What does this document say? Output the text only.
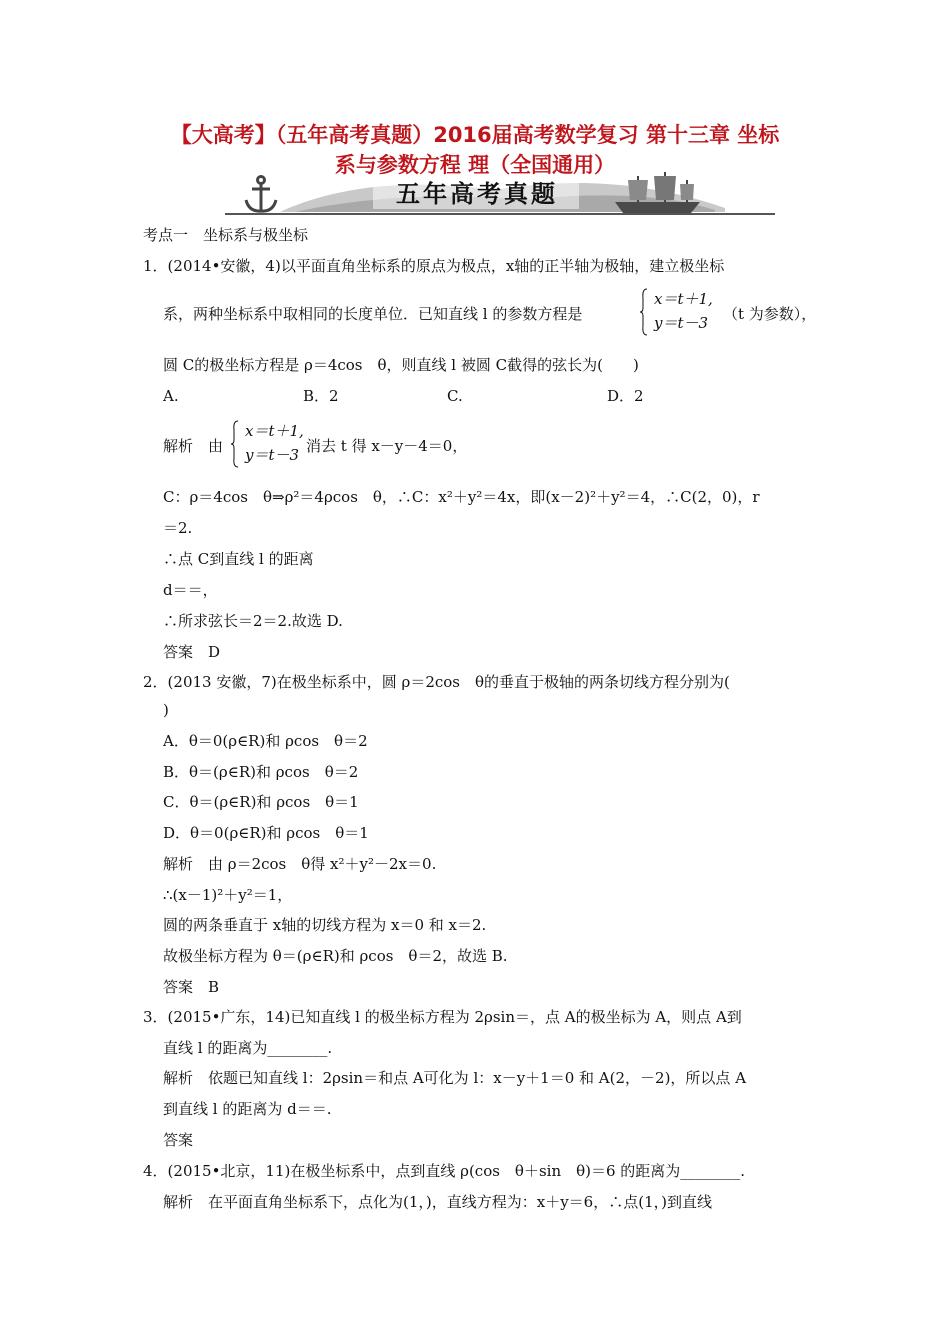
【大高考】（五年高考真题）2016届高考数学复习 第十三章 坐标
系与参数方程 理（全国通用）
五年高考真题
考点一　坐标系与极坐标
1．(2014•安徽，4)以平面直角坐标系的原点为极点，x轴的正半轴为极轴，建立极坐标
系，两种坐标系中取相同的长度单位．已知直线 l 的参数方程是
x＝t＋1,
y＝t－3 （t 为参数），
圆 C的极坐标方程是 ρ＝4cos　θ，则直线 l 被圆 C截得的弦长为(　　)
A.	B．2	C.	D．2
解析　由
x＝t＋1,
y＝t－3 消去 t 得 x－y－4＝0，
C：ρ＝4cos　θ⇒ρ²＝4ρcos　θ，∴C：x²＋y²＝4x，即(x－2)²＋y²＝4，∴C(2，0)，r
＝2.
∴点 C到直线 l 的距离
d＝＝，
∴所求弦长＝2＝2.故选 D.
答案　D
2．(2013 安徽，7)在极坐标系中，圆 ρ＝2cos　θ的垂直于极轴的两条切线方程分别为(
)
A．θ＝0(ρ∈R)和 ρcos　θ＝2
B．θ＝(ρ∈R)和 ρcos　θ＝2
C．θ＝(ρ∈R)和 ρcos　θ＝1
D．θ＝0(ρ∈R)和 ρcos　θ＝1
解析　由 ρ＝2cos　θ得 x²＋y²－2x＝0.
∴(x－1)²＋y²＝1，
圆的两条垂直于 x轴的切线方程为 x＝0 和 x＝2.
故极坐标方程为 θ＝(ρ∈R)和 ρcos　θ＝2，故选 B.
答案　B
3．(2015•广东，14)已知直线 l 的极坐标方程为 2ρsin＝，点 A的极坐标为 A，则点 A到
直线 l 的距离为________.
解析　依题已知直线 l：2ρsin＝和点 A可化为 l：x－y＋1＝0 和 A(2，－2)，所以点 A
到直线 l 的距离为 d＝＝.
答案
4．(2015•北京，11)在极坐标系中，点到直线 ρ(cos　θ＋sin　θ)＝6 的距离为________.
解析　在平面直角坐标系下，点化为(1，)，直线方程为：x＋y＝6，∴点(1，)到直线
